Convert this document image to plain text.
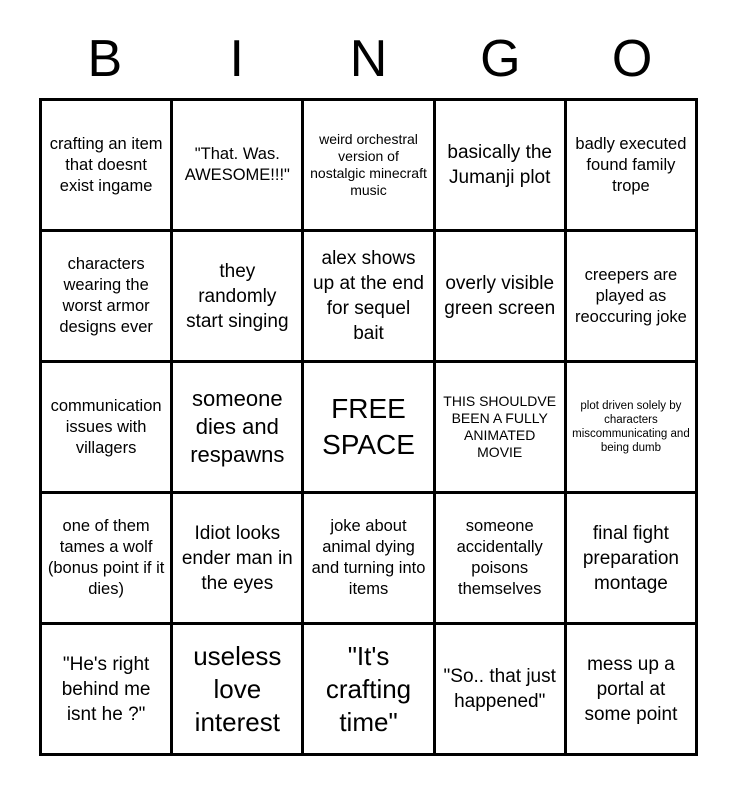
B	I	N	G	O
crafting an item that doesnt exist ingame
"That. Was. AWESOME!!!"
weird orchestral version of nostalgic minecraft music
basically the Jumanji plot
badly executed found family trope
characters wearing the worst armor designs ever
they randomly start singing
alex shows up at the end for sequel bait
overly visible green screen
creepers are played as reoccuring joke
communication issues with villagers
someone dies and respawns
FREE SPACE
THIS SHOULDVE BEEN A FULLY ANIMATED MOVIE
plot driven solely by characters miscommunicating and being dumb
one of them tames a wolf (bonus point if it dies)
Idiot looks ender man in the eyes
joke about animal dying and turning into items
someone accidentally poisons themselves
final fight preparation montage
"He's right behind me isnt he ?"
useless love interest
"It's crafting time"
"So.. that just happened"
mess up a portal at some point
